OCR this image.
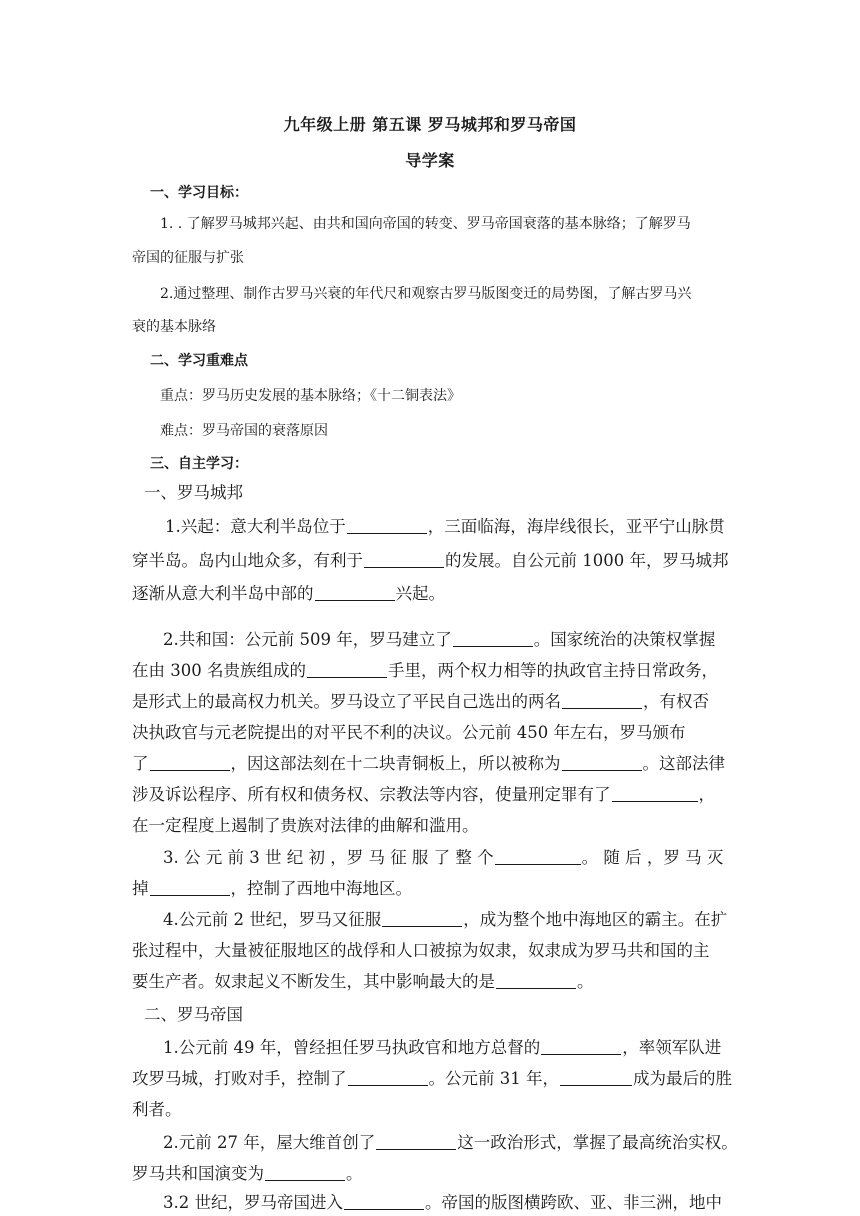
九年级上册 第五课 罗马城邦和罗马帝国
导学案
一、学习目标：
1. . 了解罗马城邦兴起、由共和国向帝国的转变、罗马帝国衰落的基本脉络；了解罗马
帝国的征服与扩张
2.通过整理、制作古罗马兴衰的年代尺和观察古罗马版图变迁的局势图，了解古罗马兴
衰的基本脉络
二、学习重难点
重点：罗马历史发展的基本脉络；《十二铜表法》
难点：罗马帝国的衰落原因
三、自主学习：
一、罗马城邦
1.兴起：意大利半岛位于	，三面临海，海岸线很长，亚平宁山脉贯
穿半岛。岛内山地众多，有利于	的发展。自公元前 1000 年，罗马城邦
逐渐从意大利半岛中部的	兴起。
2.共和国：公元前 509 年，罗马建立了	。国家统治的决策权掌握
在由 300 名贵族组成的	手里，两个权力相等的执政官主持日常政务，
是形式上的最高权力机关。罗马设立了平民自己选出的两名	，有权否
决执政官与元老院提出的对平民不利的决议。公元前 450 年左右，罗马颁布
了	，因这部法刻在十二块青铜板上，所以被称为	。这部法律
涉及诉讼程序、所有权和债务权、宗教法等内容，使量刑定罪有了	，
在一定程度上遏制了贵族对法律的曲解和滥用。
3. 公 元 前 3 世 纪 初 ，罗 马 征 服 了 整 个	。 随 后 ，罗 马 灭
掉	，控制了西地中海地区。
4.公元前 2 世纪，罗马又征服	，成为整个地中海地区的霸主。在扩
张过程中，大量被征服地区的战俘和人口被掠为奴隶，奴隶成为罗马共和国的主
要生产者。奴隶起义不断发生，其中影响最大的是	。
二、罗马帝国
1.公元前 49 年，曾经担任罗马执政官和地方总督的	，率领军队进
攻罗马城，打败对手，控制了	。公元前 31 年，	成为最后的胜
利者。
2.元前 27 年，屋大维首创了	这一政治形式，掌握了最高统治实权。
罗马共和国演变为	。
3.2 世纪，罗马帝国进入	。帝国的版图横跨欧、亚、非三洲，地中
